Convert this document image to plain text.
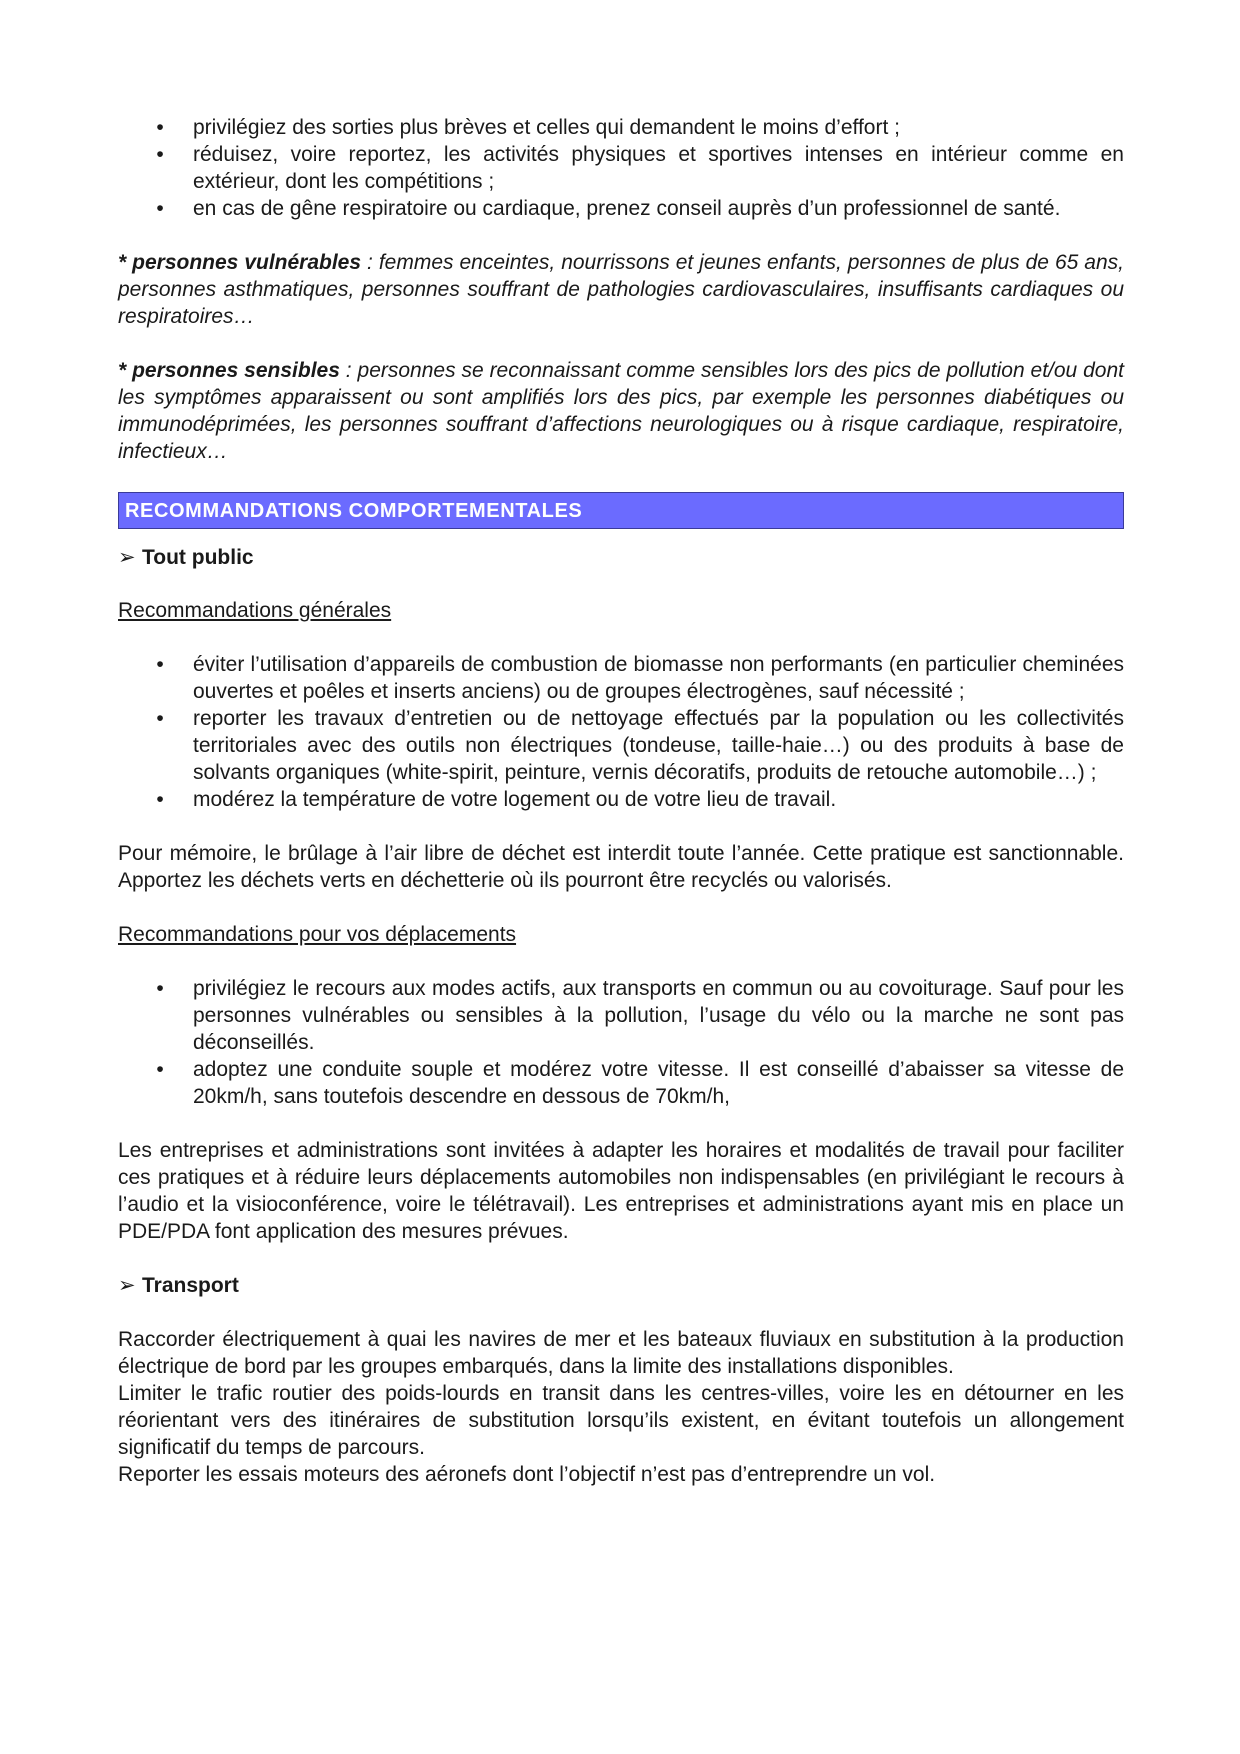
• privilégiez des sorties plus brèves et celles qui demandent le moins d’effort ;
• réduisez, voire reportez, les activités physiques et sportives intenses en intérieur comme en extérieur, dont les compétitions ;
• en cas de gêne respiratoire ou cardiaque, prenez conseil auprès d’un professionnel de santé.

* personnes vulnérables : femmes enceintes, nourrissons et jeunes enfants, personnes de plus de 65 ans, personnes asthmatiques, personnes souffrant de pathologies cardiovasculaires, insuffisants cardiaques ou respiratoires…

* personnes sensibles : personnes se reconnaissant comme sensibles lors des pics de pollution et/ou dont les symptômes apparaissent ou sont amplifiés lors des pics, par exemple les personnes diabétiques ou immunodéprimées, les personnes souffrant d’affections neurologiques ou à risque cardiaque, respiratoire, infectieux…

RECOMMANDATIONS COMPORTEMENTALES

➢ Tout public

Recommandations générales

• éviter l’utilisation d’appareils de combustion de biomasse non performants (en particulier cheminées ouvertes et poêles et inserts anciens) ou de groupes électrogènes, sauf nécessité ;
• reporter les travaux d’entretien ou de nettoyage effectués par la population ou les collectivités territoriales avec des outils non électriques (tondeuse, taille-haie…) ou des produits à base de solvants organiques (white-spirit, peinture, vernis décoratifs, produits de retouche automobile…) ;
• modérez la température de votre logement ou de votre lieu de travail.

Pour mémoire, le brûlage à l’air libre de déchet est interdit toute l’année. Cette pratique est sanctionnable. Apportez les déchets verts en déchetterie où ils pourront être recyclés ou valorisés.

Recommandations pour vos déplacements

• privilégiez le recours aux modes actifs, aux transports en commun ou au covoiturage. Sauf pour les personnes vulnérables ou sensibles à la pollution, l’usage du vélo ou la marche ne sont pas déconseillés.
• adoptez une conduite souple et modérez votre vitesse. Il est conseillé d’abaisser sa vitesse de 20km/h, sans toutefois descendre en dessous de 70km/h,

Les entreprises et administrations sont invitées à adapter les horaires et modalités de travail pour faciliter ces pratiques et à réduire leurs déplacements automobiles non indispensables (en privilégiant le recours à l’audio et la visioconférence, voire le télétravail). Les entreprises et administrations ayant mis en place un PDE/PDA font application des mesures prévues.

➢ Transport

Raccorder électriquement à quai les navires de mer et les bateaux fluviaux en substitution à la production électrique de bord par les groupes embarqués, dans la limite des installations disponibles.

Limiter le trafic routier des poids-lourds en transit dans les centres-villes, voire les en détourner en les réorientant vers des itinéraires de substitution lorsqu’ils existent, en évitant toutefois un allongement significatif du temps de parcours.

Reporter les essais moteurs des aéronefs dont l’objectif n’est pas d’entreprendre un vol.
